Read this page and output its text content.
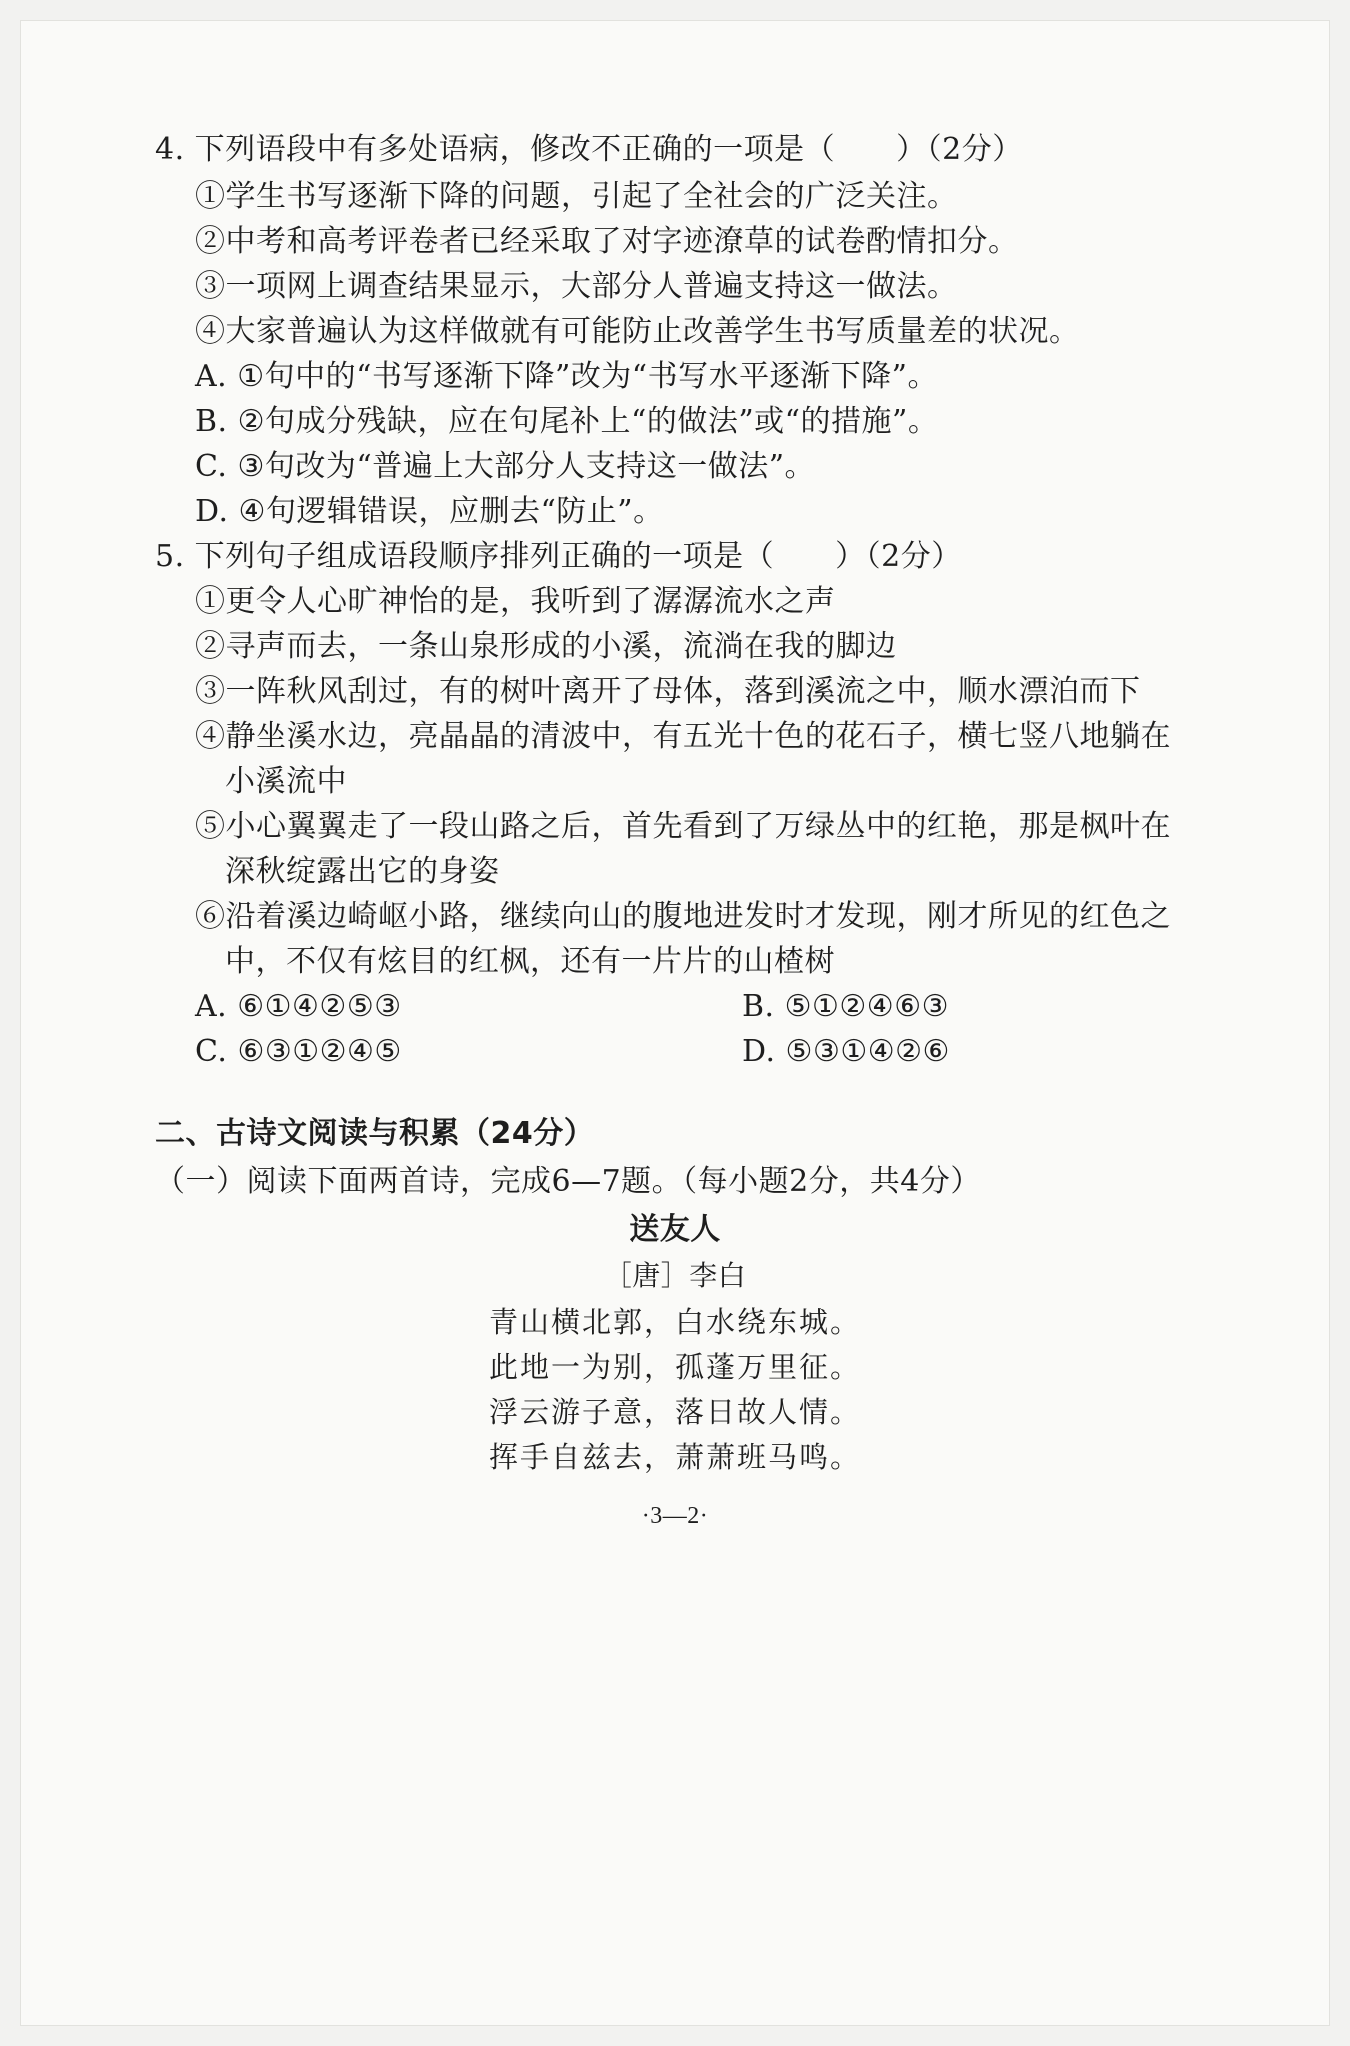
4. 下列语段中有多处语病，修改不正确的一项是（　　）（2分）
①学生书写逐渐下降的问题，引起了全社会的广泛关注。
②中考和高考评卷者已经采取了对字迹潦草的试卷酌情扣分。
③一项网上调查结果显示，大部分人普遍支持这一做法。
④大家普遍认为这样做就有可能防止改善学生书写质量差的状况。
A. ①句中的“书写逐渐下降”改为“书写水平逐渐下降”。
B. ②句成分残缺，应在句尾补上“的做法”或“的措施”。
C. ③句改为“普遍上大部分人支持这一做法”。
D. ④句逻辑错误，应删去“防止”。
5. 下列句子组成语段顺序排列正确的一项是（　　）（2分）
①更令人心旷神怡的是，我听到了潺潺流水之声
②寻声而去，一条山泉形成的小溪，流淌在我的脚边
③一阵秋风刮过，有的树叶离开了母体，落到溪流之中，顺水漂泊而下
④静坐溪水边，亮晶晶的清波中，有五光十色的花石子，横七竖八地躺在
小溪流中
⑤小心翼翼走了一段山路之后，首先看到了万绿丛中的红艳，那是枫叶在
深秋绽露出它的身姿
⑥沿着溪边崎岖小路，继续向山的腹地进发时才发现，刚才所见的红色之
中，不仅有炫目的红枫，还有一片片的山楂树
A. ⑥①④②⑤③	B. ⑤①②④⑥③
C. ⑥③①②④⑤	D. ⑤③①④②⑥
二、古诗文阅读与积累（24分）
（一）阅读下面两首诗，完成6—7题。（每小题2分，共4分）
送友人
［唐］李白
青山横北郭，白水绕东城。
此地一为别，孤蓬万里征。
浮云游子意，落日故人情。
挥手自兹去，萧萧班马鸣。
·3—2·
